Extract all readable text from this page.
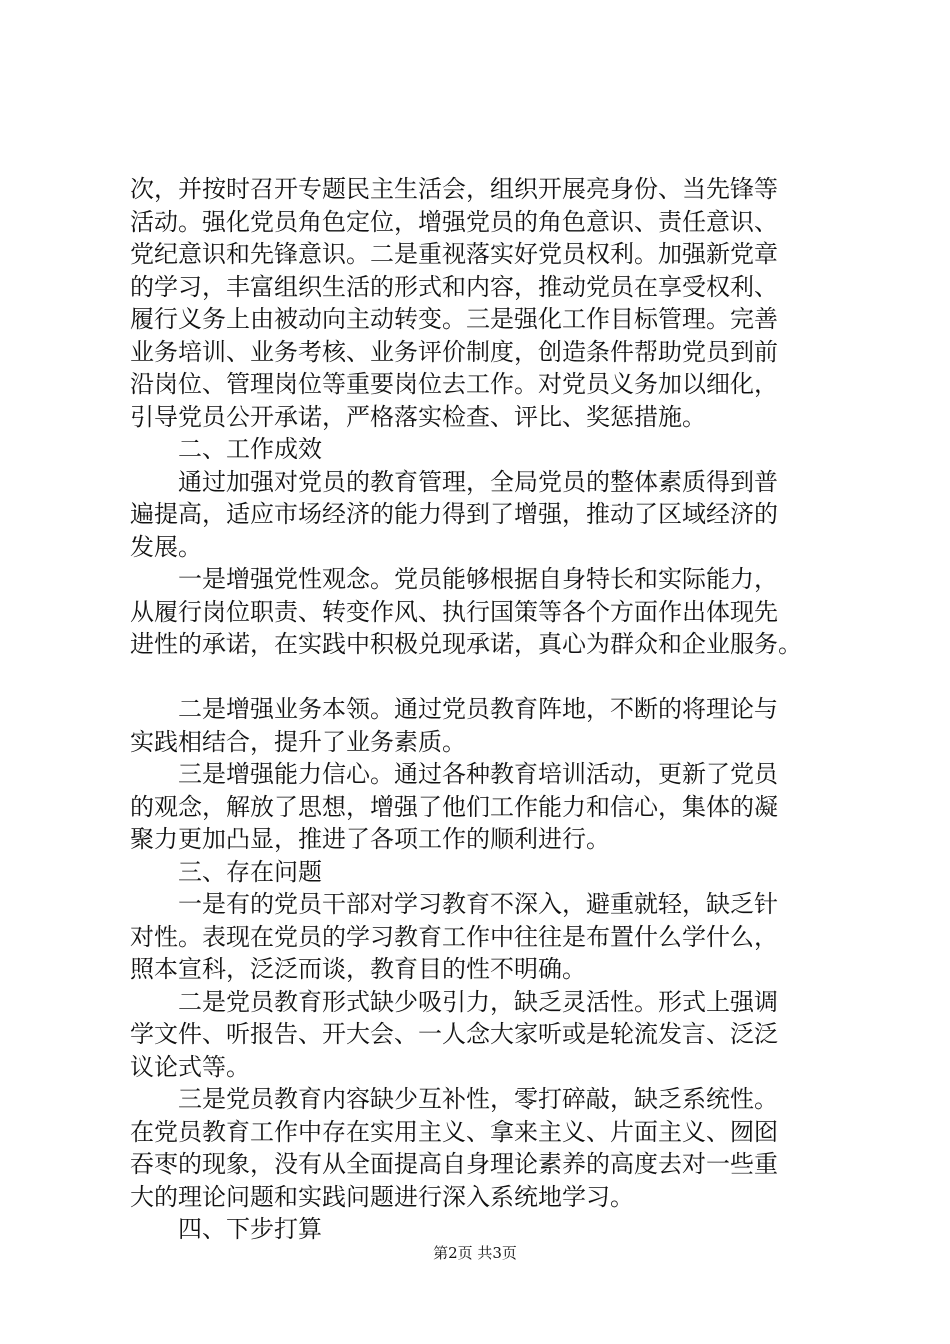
次，并按时召开专题民主生活会，组织开展亮身份、当先锋等
活动。强化党员角色定位，增强党员的角色意识、责任意识、
党纪意识和先锋意识。二是重视落实好党员权利。加强新党章
的学习，丰富组织生活的形式和内容，推动党员在享受权利、
履行义务上由被动向主动转变。三是强化工作目标管理。完善
业务培训、业务考核、业务评价制度，创造条件帮助党员到前
沿岗位、管理岗位等重要岗位去工作。对党员义务加以细化，
引导党员公开承诺，严格落实检查、评比、奖惩措施。
二、工作成效
通过加强对党员的教育管理，全局党员的整体素质得到普
遍提高，适应市场经济的能力得到了增强，推动了区域经济的
发展。
一是增强党性观念。党员能够根据自身特长和实际能力，
从履行岗位职责、转变作风、执行国策等各个方面作出体现先
进性的承诺，在实践中积极兑现承诺，真心为群众和企业服务。
二是增强业务本领。通过党员教育阵地，不断的将理论与
实践相结合，提升了业务素质。
三是增强能力信心。通过各种教育培训活动，更新了党员
的观念，解放了思想，增强了他们工作能力和信心，集体的凝
聚力更加凸显，推进了各项工作的顺利进行。
三、存在问题
一是有的党员干部对学习教育不深入，避重就轻，缺乏针
对性。表现在党员的学习教育工作中往往是布置什么学什么，
照本宣科，泛泛而谈，教育目的性不明确。
二是党员教育形式缺少吸引力，缺乏灵活性。形式上强调
学文件、听报告、开大会、一人念大家听或是轮流发言、泛泛
议论式等。
三是党员教育内容缺少互补性，零打碎敲，缺乏系统性。
在党员教育工作中存在实用主义、拿来主义、片面主义、囫囵
吞枣的现象，没有从全面提高自身理论素养的高度去对一些重
大的理论问题和实践问题进行深入系统地学习。
四、下步打算
第2页 共3页
